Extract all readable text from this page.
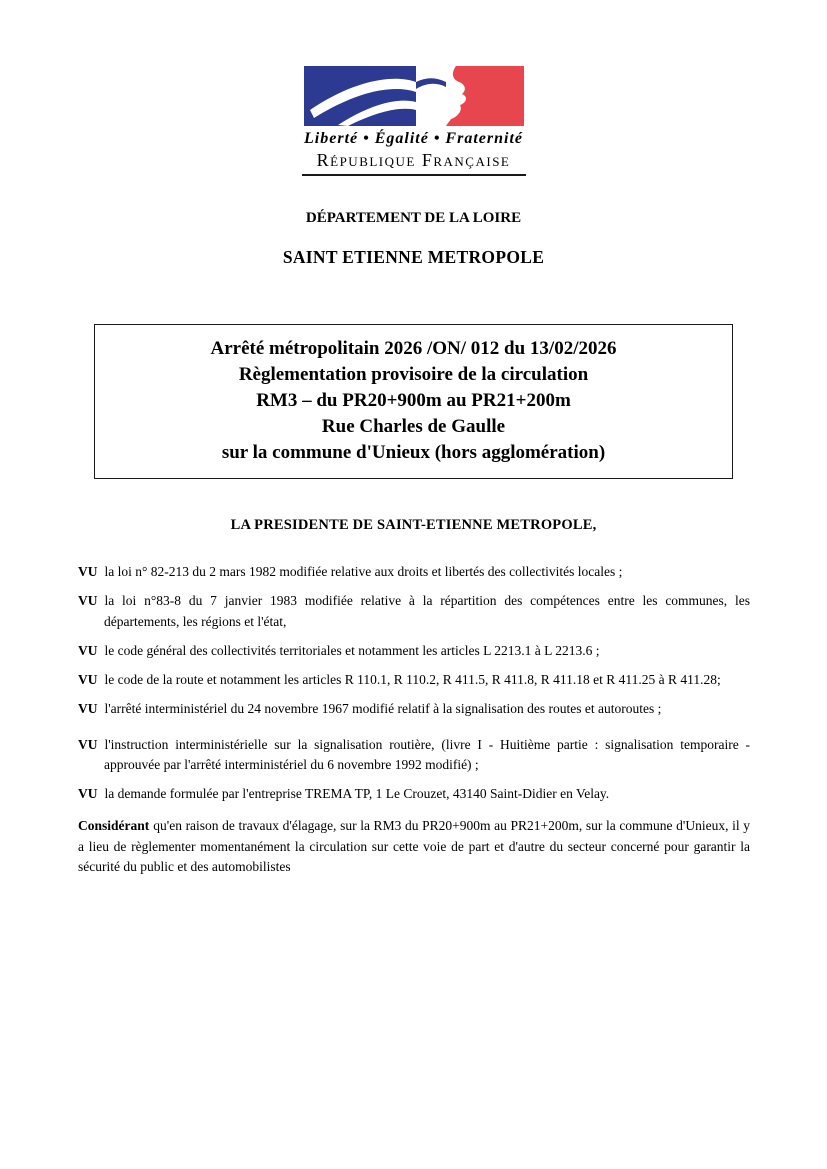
Liberté • Égalité • Fraternité
République Française
DÉPARTEMENT DE LA LOIRE
SAINT ETIENNE METROPOLE
Arrêté métropolitain 2026 /ON/ 012 du 13/02/2026
Règlementation provisoire de la circulation
RM3 – du PR20+900m au PR21+200m
Rue Charles de Gaulle
sur la commune d'Unieux (hors agglomération)
LA PRESIDENTE DE SAINT-ETIENNE METROPOLE,

VU la loi n° 82-213 du 2 mars 1982 modifiée relative aux droits et libertés des collectivités locales ;

VU la loi n°83-8 du 7 janvier 1983 modifiée relative à la répartition des compétences entre les communes, les départements, les régions et l'état,

VU le code général des collectivités territoriales et notamment les articles L 2213.1 à L 2213.6 ;

VU le code de la route et notamment les articles R 110.1, R 110.2, R 411.5, R 411.8, R 411.18 et R 411.25 à R 411.28;

VU l'arrêté interministériel du 24 novembre 1967 modifié relatif à la signalisation des routes et autoroutes ;

VU l'instruction interministérielle sur la signalisation routière, (livre I - Huitième partie : signalisation temporaire - approuvée par l'arrêté interministériel du 6 novembre 1992 modifié) ;

VU la demande formulée par l'entreprise TREMA TP, 1 Le Crouzet, 43140 Saint-Didier en Velay.

Considérant qu'en raison de travaux d'élagage, sur la RM3 du PR20+900m au PR21+200m, sur la commune d'Unieux, il y a lieu de règlementer momentanément la circulation sur cette voie de part et d'autre du secteur concerné pour garantir la sécurité du public et des automobilistes
